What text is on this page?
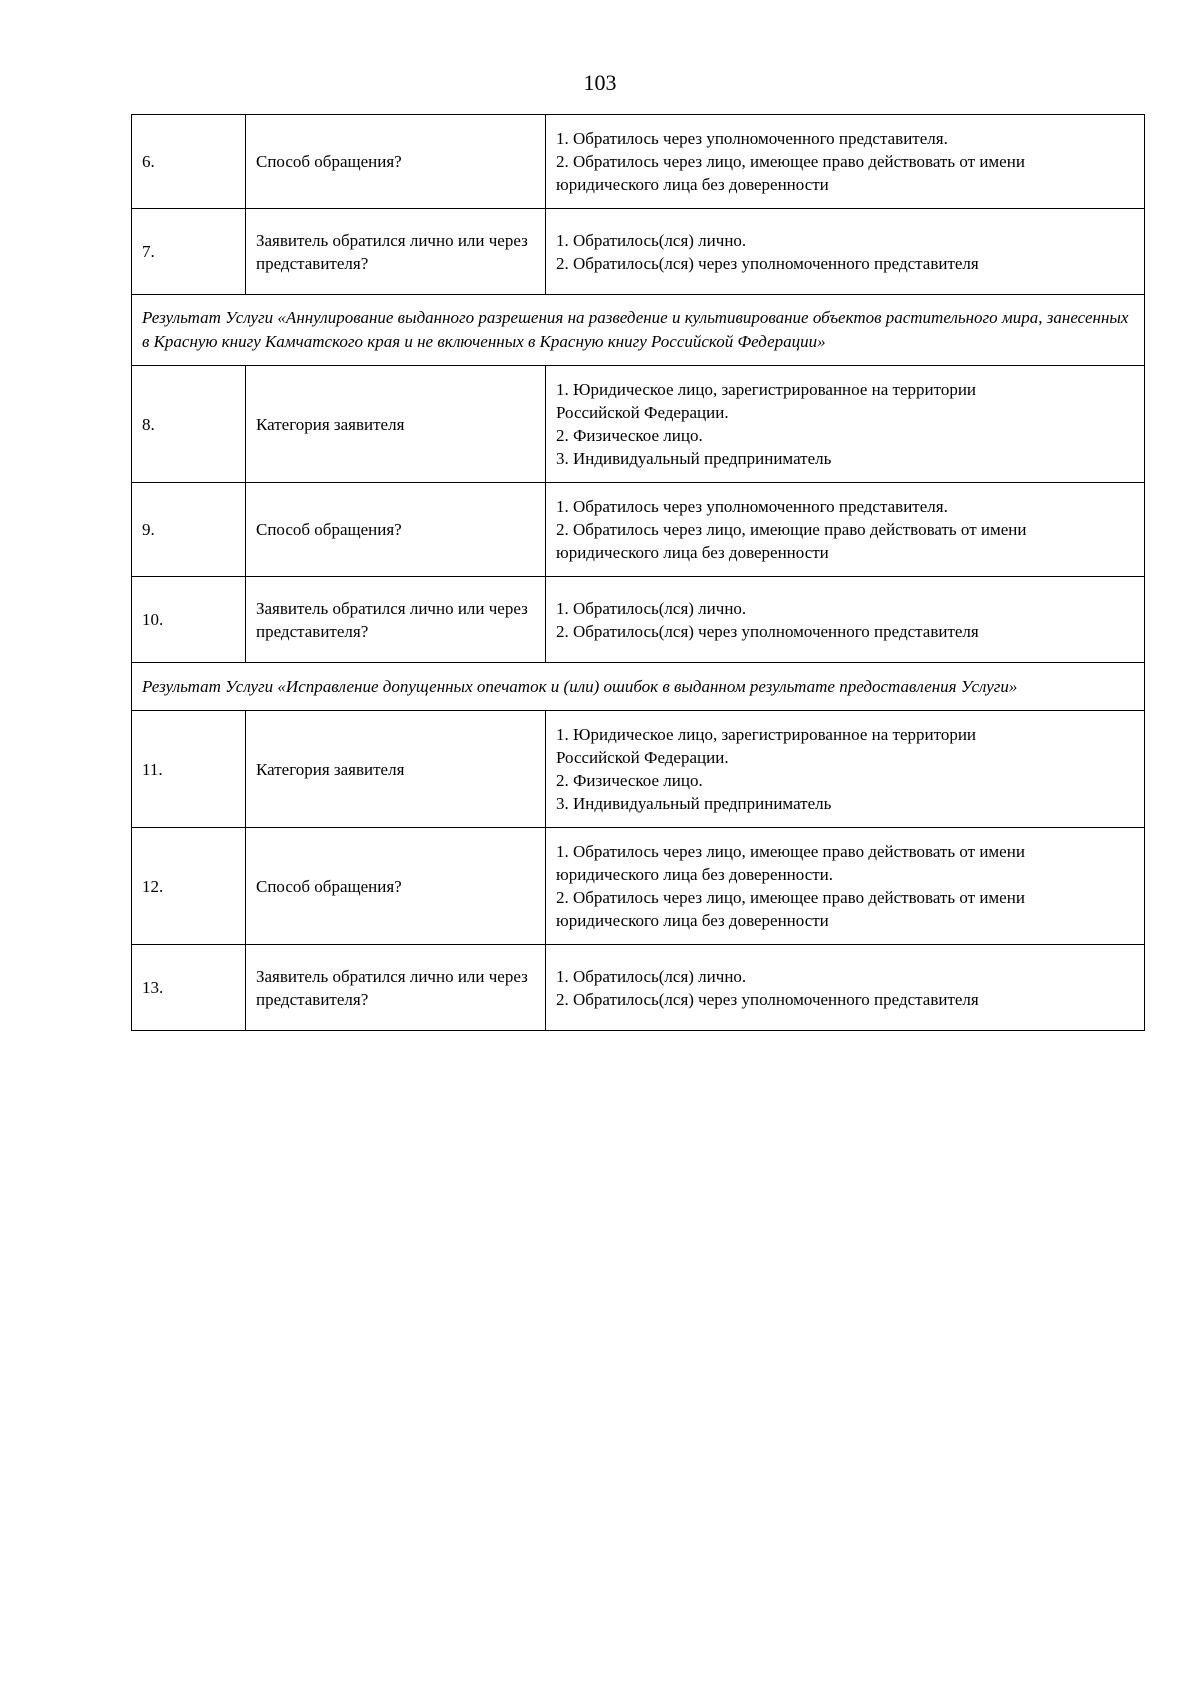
103
6.	Способ обращения?	1. Обратилось через уполномоченного представителя.
2. Обратилось через лицо, имеющее право действовать от имени
юридического лица без доверенности

7.	Заявитель обратился лично или через представителя?	1. Обратилось(лся) лично.
2. Обратилось(лся) через уполномоченного представителя

Результат Услуги «Аннулирование выданного разрешения на разведение и культивирование объектов растительного мира, занесенных в Красную книгу Камчатского края и не включенных в Красную книгу Российской Федерации»		
8.	Категория заявителя	1. Юридическое лицо, зарегистрированное на территории
Российской Федерации.
2. Физическое лицо.
3. Индивидуальный предприниматель

9.	Способ обращения?	1. Обратилось через уполномоченного представителя.
2. Обратилось через лицо, имеющие право действовать от имени
юридического лица без доверенности

10.	Заявитель обратился лично или через представителя?	1. Обратилось(лся) лично.
2. Обратилось(лся) через уполномоченного представителя

Результат Услуги «Исправление допущенных опечаток и (или) ошибок в выданном результате предоставления Услуги»		
11.	Категория заявителя	1. Юридическое лицо, зарегистрированное на территории
Российской Федерации.
2. Физическое лицо.
3. Индивидуальный предприниматель

12.	Способ обращения?	1. Обратилось через лицо, имеющее право действовать от имени
юридического лица без доверенности.
2. Обратилось через лицо, имеющее право действовать от имени
юридического лица без доверенности

13.	Заявитель обратился лично или через представителя?	1. Обратилось(лся) лично.
2. Обратилось(лся) через уполномоченного представителя
